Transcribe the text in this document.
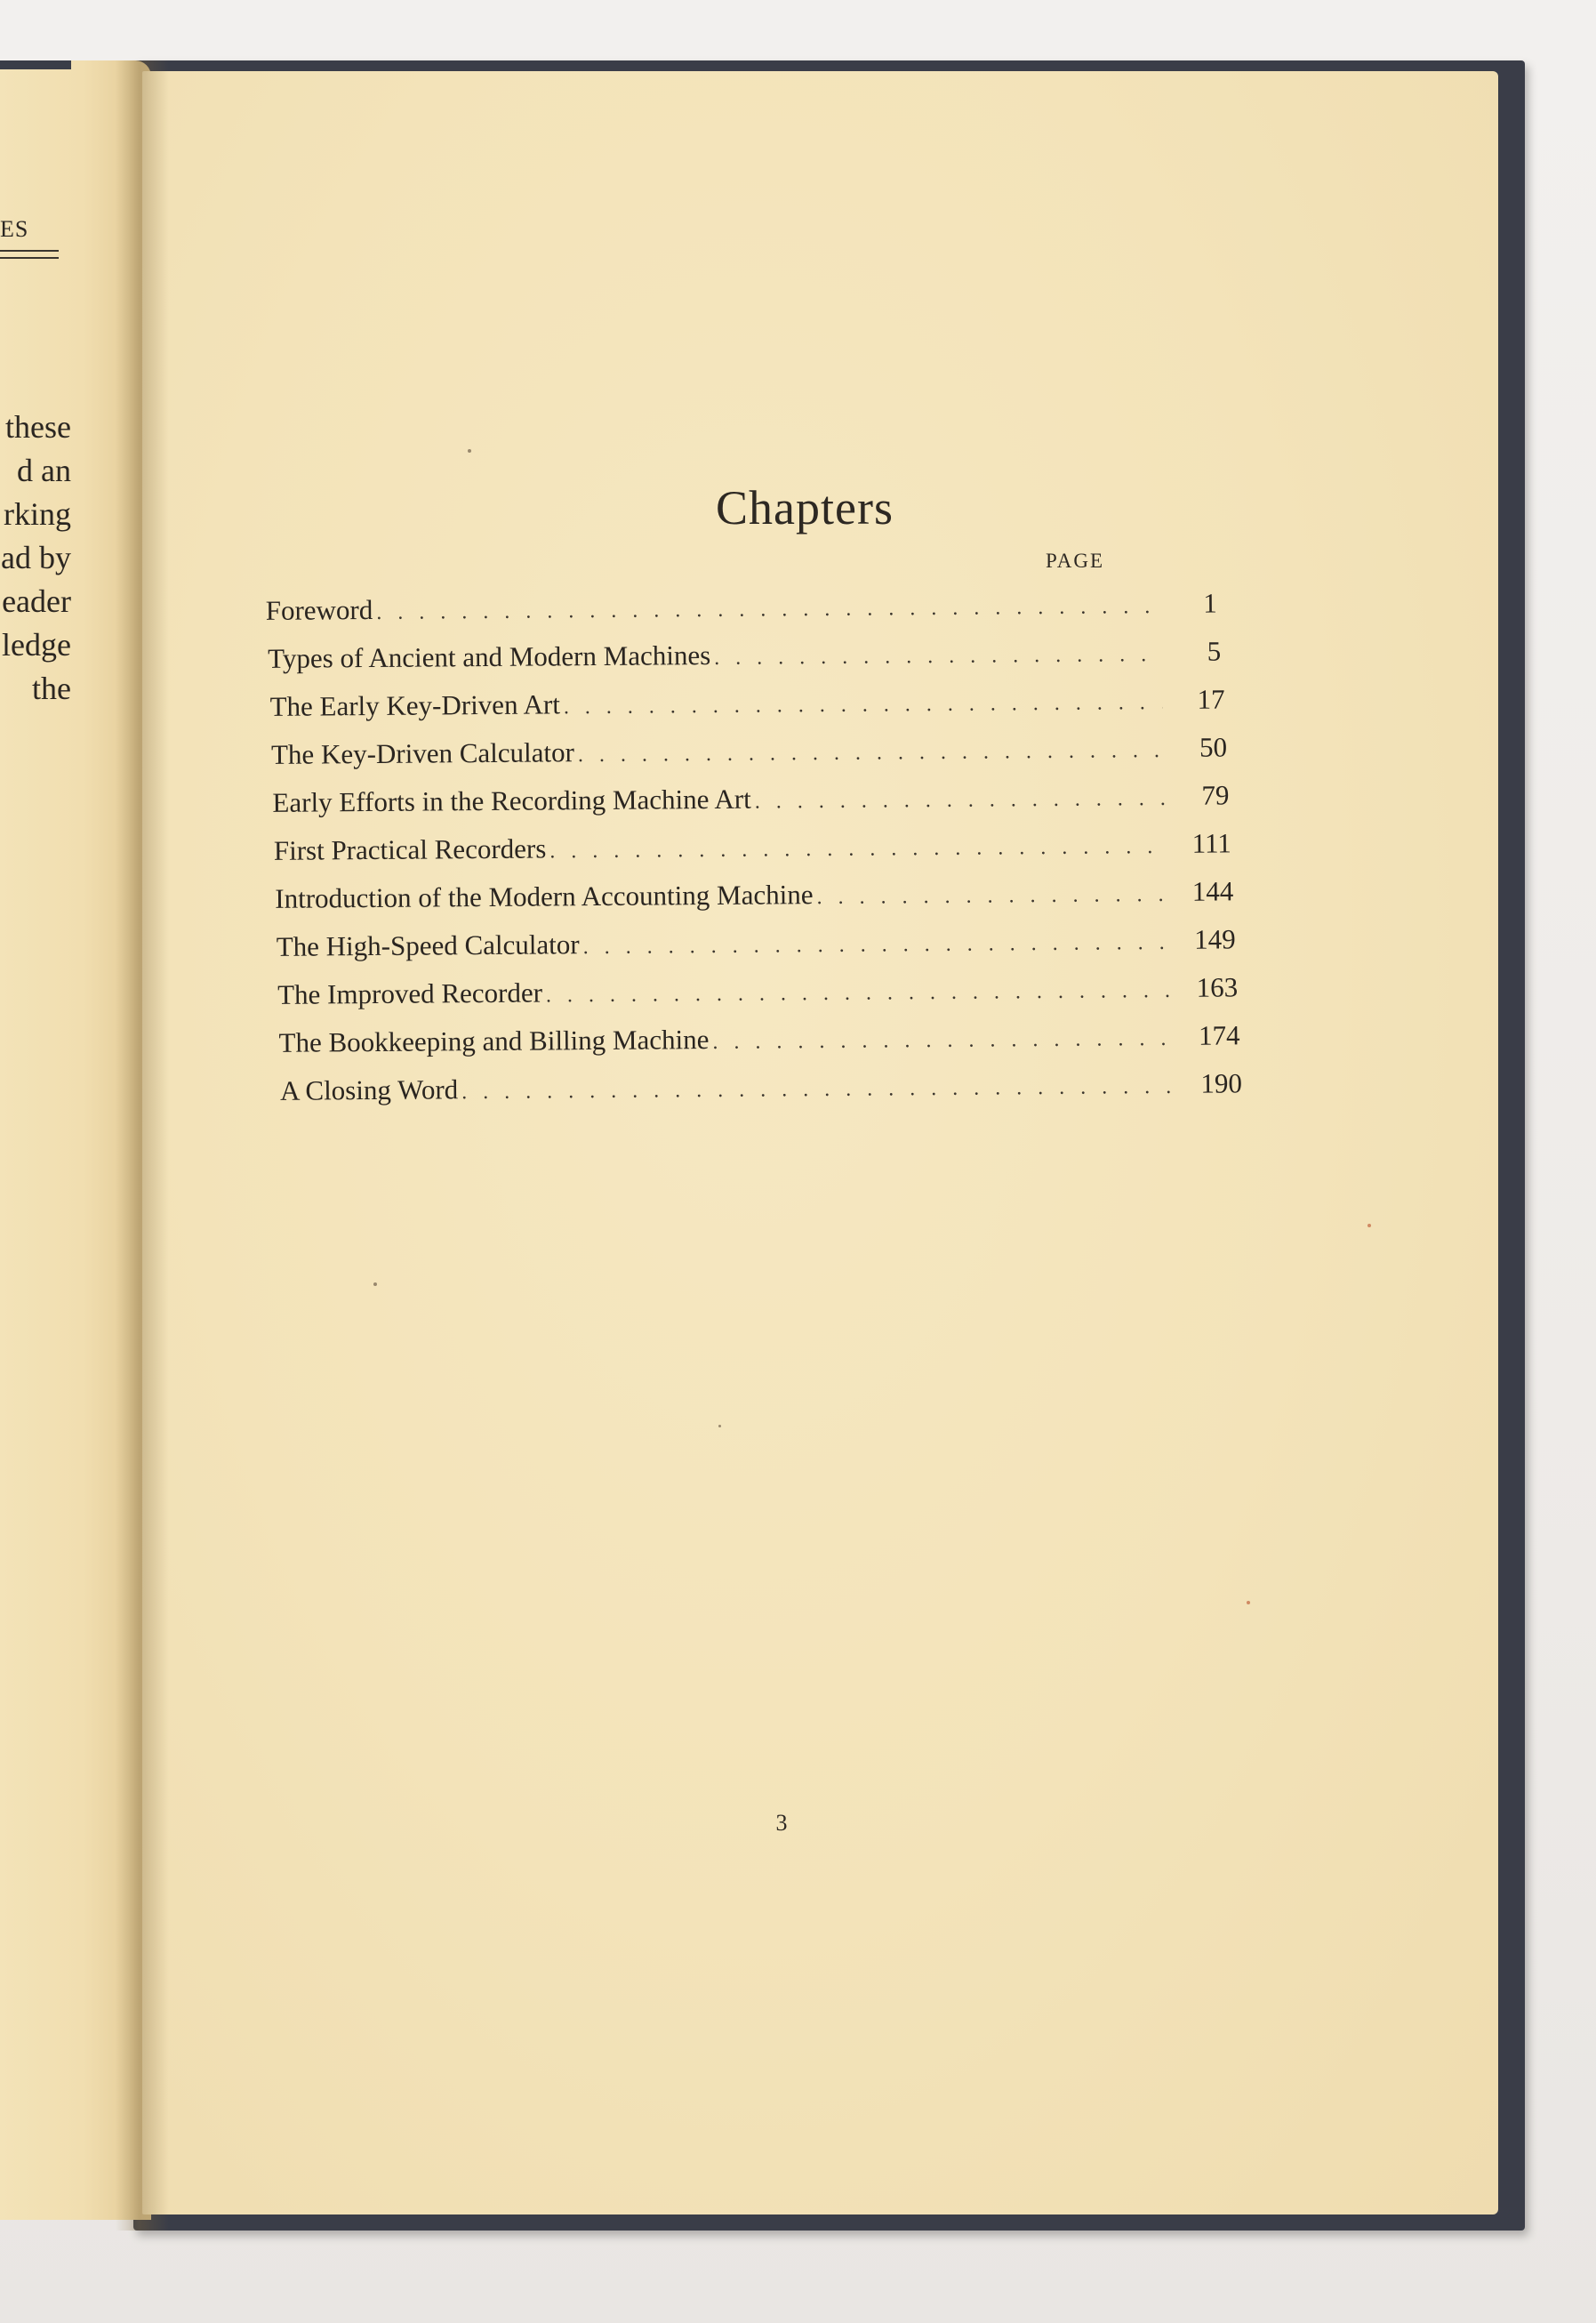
ES
these
d an
rking
ad by
eader
ledge
the
Chapters
PAGE
Foreword . . .	1
Types of Ancient and Modern Machines . . .	5
The Early Key-Driven Art . . .	17
The Key-Driven Calculator . . .	50
Early Efforts in the Recording Machine Art . . .	79
First Practical Recorders . . .	111
Introduction of the Modern Accounting Machine . . .	144
The High-Speed Calculator . . .	149
The Improved Recorder . . .	163
The Bookkeeping and Billing Machine . . .	174
A Closing Word . . .	190
3
